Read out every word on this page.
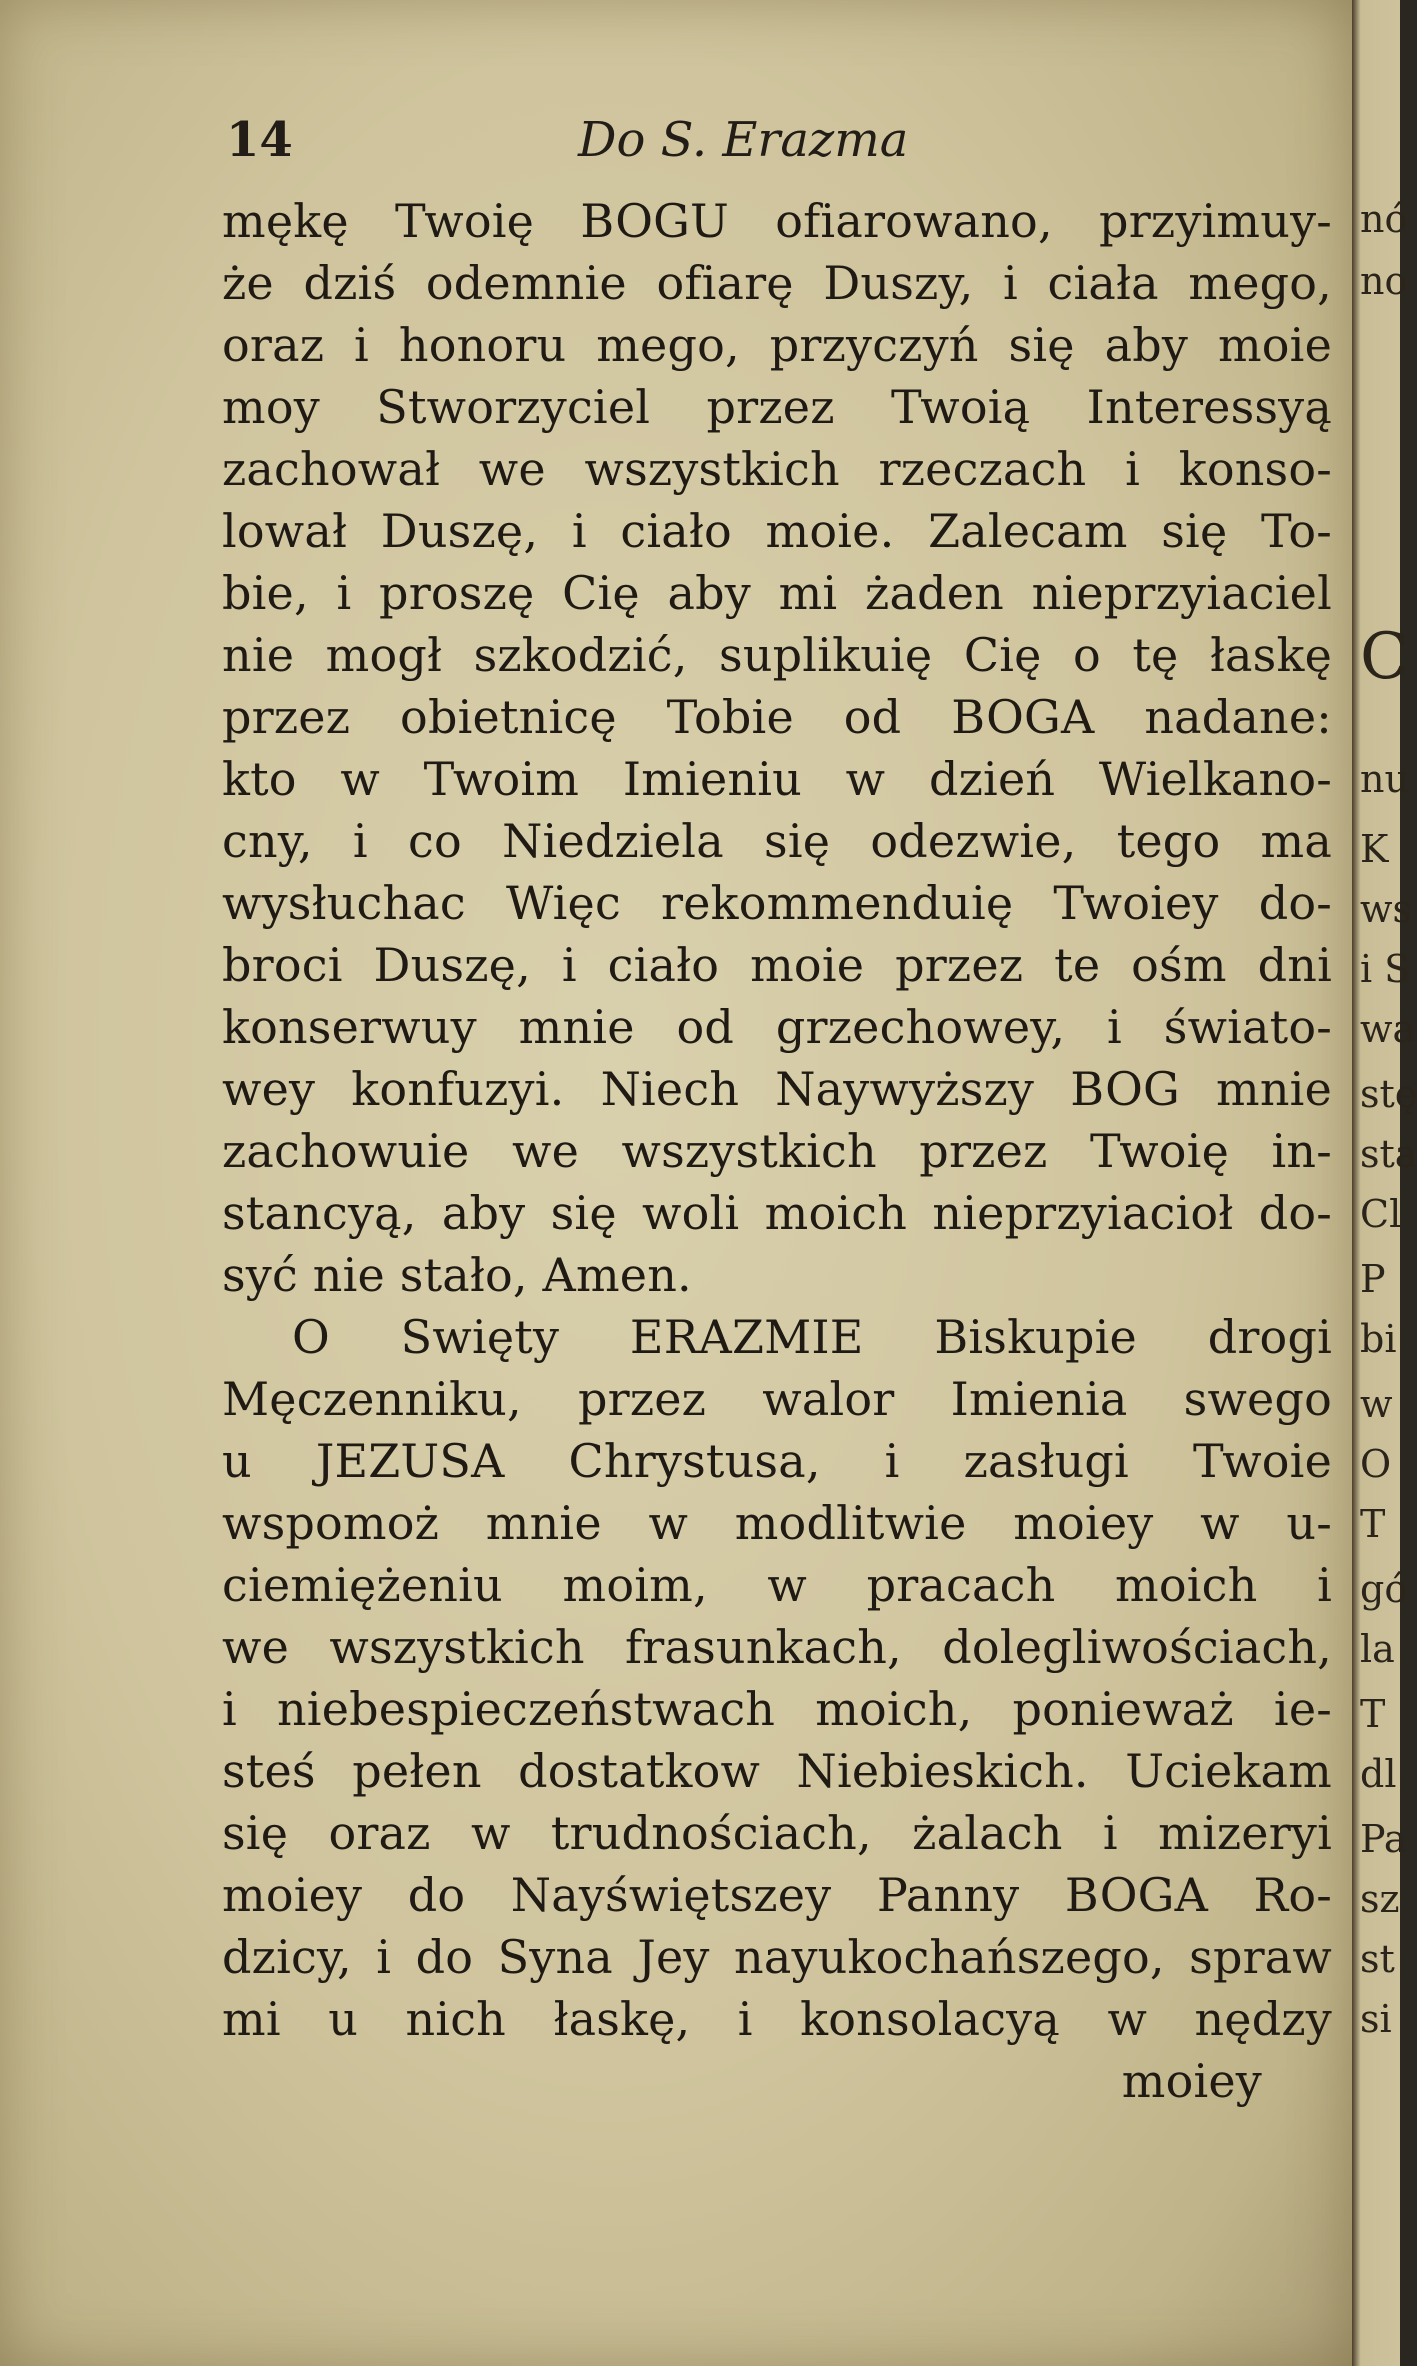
14	Do S. Erazma
mękę Twoię BOGU ofiarowano, przyimuy-
że dziś odemnie ofiarę Duszy, i ciała mego,
oraz i honoru mego, przyczyń się aby moie
moy Stworzyciel przez Twoią Interessyą
zachował we wszystkich rzeczach i konso-
lował Duszę, i ciało moie. Zalecam się To-
bie, i proszę Cię aby mi żaden nieprzyiaciel
nie mogł szkodzić, suplikuię Cię o tę łaskę
przez obietnicę Tobie od BOGA nadane:
kto w Twoim Imieniu w dzień Wielkano-
cny, i co Niedziela się odezwie, tego ma
wysłuchac Więc rekommenduię Twoiey do-
broci Duszę, i ciało moie przez te ośm dni
konserwuy mnie od grzechowey, i świato-
wey konfuzyi. Niech Naywyższy BOG mnie
zachowuie we wszystkich przez Twoię in-
stancyą, aby się woli moich nieprzyiacioł do-
syć nie stało, Amen.
O Swięty ERAZMIE Biskupie drogi
Męczenniku, przez walor Imienia swego
u JEZUSA Chrystusa, i zasługi Twoie
wspomoż mnie w modlitwie moiey w u-
ciemiężeniu moim, w pracach moich i
we wszystkich frasunkach, dolegliwościach,
i niebespieczeństwach moich, ponieważ ie-
steś pełen dostatkow Niebieskich. Uciekam
się oraz w trudnościach, żalach i mizeryi
moiey do Nayświętszey Panny BOGA Ro-
dzicy, i do Syna Jey nayukochańszego, spraw
mi u nich łaskę, i konsolacyą w nędzy
moiey
nó
no
C
nu
K
ws
i S
wa
stę
sta
Cl
P
bi
w
O
T
gó
la
T
dl
Pa
sz
st
si
